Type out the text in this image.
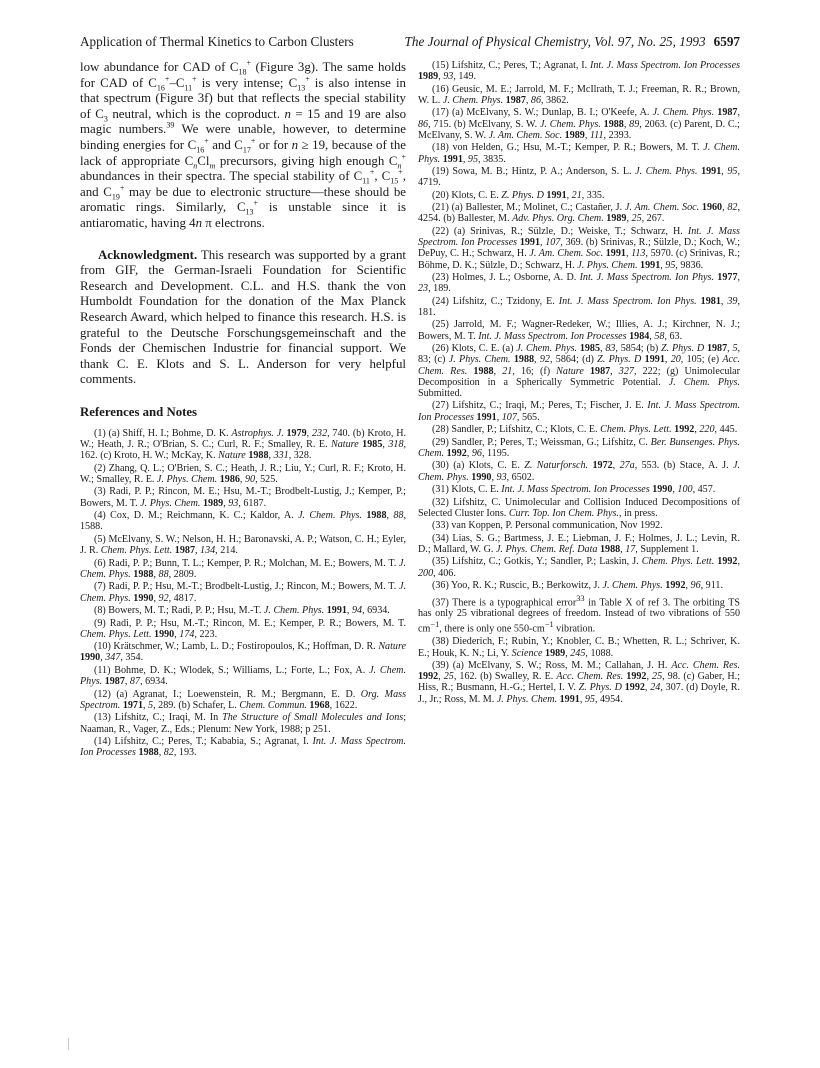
Application of Thermal Kinetics to Carbon Clusters	The Journal of Physical Chemistry, Vol. 97, No. 25, 1993 6597

low abundance for CAD of $C_{18}^+$ (Figure 3g). The same holds for CAD of $C_{16}^+-C_{11}^+$ is very intense; $C_{13}^+$ is also intense in that spectrum (Figure 3f) but that reflects the special stability of $C_3$ neutral, which is the coproduct. n = 15 and 19 are also magic numbers.$^{39}$ We were unable, however, to determine binding energies for $C_{16}^+$ and $C_{17}^+$ or for n ≥ 19, because of the lack of appropriate $C_nCl_m$ precursors, giving high enough $C_n^+$ abundances in their spectra. The special stability of $C_{11}^+$, $C_{15}^+$, and $C_{19}^+$ may be due to electronic structure—these should be aromatic rings. Similarly, $C_{13}^+$ is unstable since it is antiaromatic, having 4n π electrons.

Acknowledgment. This research was supported by a grant from GIF, the German-Israeli Foundation for Scientific Research and Development. C.L. and H.S. thank the von Humboldt Foundation for the donation of the Max Planck Research Award, which helped to finance this research. H.S. is grateful to the Deutsche Forschungsgemeinschaft and the Fonds der Chemischen Industrie for financial support. We thank C. E. Klots and S. L. Anderson for very helpful comments.

References and Notes

(1) (a) Shiff, H. I.; Bohme, D. K. Astrophys. J. 1979, 232, 740. (b) Kroto, H. W.; Heath, J. R.; O'Brian, S. C.; Curl, R. F.; Smalley, R. E. Nature 1985, 318, 162. (c) Kroto, H. W.; McKay, K. Nature 1988, 331, 328.

(2) Zhang, Q. L.; O'Brien, S. C.; Heath, J. R.; Liu, Y.; Curl, R. F.; Kroto, H. W.; Smalley, R. E. J. Phys. Chem. 1986, 90, 525.

(3) Radi, P. P.; Rincon, M. E.; Hsu, M.-T.; Brodbelt-Lustig, J.; Kemper, P.; Bowers, M. T. J. Phys. Chem. 1989, 93, 6187.

(4) Cox, D. M.; Reichmann, K. C.; Kaldor, A. J. Chem. Phys. 1988, 88, 1588.

(5) McElvany, S. W.; Nelson, H. H.; Baronavski, A. P.; Watson, C. H.; Eyler, J. R. Chem. Phys. Lett. 1987, 134, 214.

(6) Radi, P. P.; Bunn, T. L.; Kemper, P. R.; Molchan, M. E.; Bowers, M. T. J. Chem. Phys. 1988, 88, 2809.

(7) Radi, P. P.; Hsu, M.-T.; Brodbelt-Lustig, J.; Rincon, M.; Bowers, M. T. J. Chem. Phys. 1990, 92, 4817.

(8) Bowers, M. T.; Radi, P. P.; Hsu, M.-T. J. Chem. Phys. 1991, 94, 6934.

(9) Radi, P. P.; Hsu, M.-T.; Rincon, M. E.; Kemper, P. R.; Bowers, M. T. Chem. Phys. Lett. 1990, 174, 223.

(10) Krätschmer, W.; Lamb, L. D.; Fostiropoulos, K.; Hoffman, D. R. Nature 1990, 347, 354.

(11) Bohme, D. K.; Wlodek, S.; Williams, L.; Forte, L.; Fox, A. J. Chem. Phys. 1987, 87, 6934.

(12) (a) Agranat, I.; Loewenstein, R. M.; Bergmann, E. D. Org. Mass Spectrom. 1971, 5, 289. (b) Schafer, L. Chem. Commun. 1968, 1622.

(13) Lifshitz, C.; Iraqi, M. In The Structure of Small Molecules and Ions; Naaman, R., Vager, Z., Eds.; Plenum: New York, 1988; p 251.

(14) Lifshitz, C.; Peres, T.; Kababia, S.; Agranat, I. Int. J. Mass Spectrom. Ion Processes 1988, 82, 193.

(15) Lifshitz, C.; Peres, T.; Agranat, I. Int. J. Mass Spectrom. Ion Processes 1989, 93, 149.

(16) Geusic, M. E.; Jarrold, M. F.; McIlrath, T. J.; Freeman, R. R.; Brown, W. L. J. Chem. Phys. 1987, 86, 3862.

(17) (a) McElvany, S. W.; Dunlap, B. I.; O'Keefe, A. J. Chem. Phys. 1987, 86, 715. (b) McElvany, S. W. J. Chem. Phys. 1988, 89, 2063. (c) Parent, D. C.; McElvany, S. W. J. Am. Chem. Soc. 1989, 111, 2393.

(18) von Helden, G.; Hsu, M.-T.; Kemper, P. R.; Bowers, M. T. J. Chem. Phys. 1991, 95, 3835.

(19) Sowa, M. B.; Hintz, P. A.; Anderson, S. L. J. Chem. Phys. 1991, 95, 4719.

(20) Klots, C. E. Z. Phys. D 1991, 21, 335.

(21) (a) Ballester, M.; Molinet, C.; Castañer, J. J. Am. Chem. Soc. 1960, 82, 4254. (b) Ballester, M. Adv. Phys. Org. Chem. 1989, 25, 267.

(22) (a) Srinivas, R.; Sülzle, D.; Weiske, T.; Schwarz, H. Int. J. Mass Spectrom. Ion Processes 1991, 107, 369. (b) Srinivas, R.; Sülzle, D.; Koch, W.; DePuy, C. H.; Schwarz, H. J. Am. Chem. Soc. 1991, 113, 5970. (c) Srinivas, R.; Böhme, D. K.; Sülzle, D.; Schwarz, H. J. Phys. Chem. 1991, 95, 9836.

(23) Holmes, J. L.; Osborne, A. D. Int. J. Mass Spectrom. Ion Phys. 1977, 23, 189.

(24) Lifshitz, C.; Tzidony, E. Int. J. Mass Spectrom. Ion Phys. 1981, 39, 181.

(25) Jarrold, M. F.; Wagner-Redeker, W.; Illies, A. J.; Kirchner, N. J.; Bowers, M. T. Int. J. Mass Spectrom. Ion Processes 1984, 58, 63.

(26) Klots, C. E. (a) J. Chem. Phys. 1985, 83, 5854; (b) Z. Phys. D 1987, 5, 83; (c) J. Phys. Chem. 1988, 92, 5864; (d) Z. Phys. D 1991, 20, 105; (e) Acc. Chem. Res. 1988, 21, 16; (f) Nature 1987, 327, 222; (g) Unimolecular Decomposition in a Spherically Symmetric Potential. J. Chem. Phys. Submitted.

(27) Lifshitz, C.; Iraqi, M.; Peres, T.; Fischer, J. E. Int. J. Mass Spectrom. Ion Processes 1991, 107, 565.

(28) Sandler, P.; Lifshitz, C.; Klots, C. E. Chem. Phys. Lett. 1992, 220, 445.

(29) Sandler, P.; Peres, T.; Weissman, G.; Lifshitz, C. Ber. Bunsenges. Phys. Chem. 1992, 96, 1195.

(30) (a) Klots, C. E. Z. Naturforsch. 1972, 27a, 553. (b) Stace, A. J. J. Chem. Phys. 1990, 93, 6502.

(31) Klots, C. E. Int. J. Mass Spectrom. Ion Processes 1990, 100, 457.

(32) Lifshitz, C. Unimolecular and Collision Induced Decompositions of Selected Cluster Ions. Curr. Top. Ion Chem. Phys., in press.

(33) van Koppen, P. Personal communication, Nov 1992.

(34) Lias, S. G.; Bartmess, J. E.; Liebman, J. F.; Holmes, J. L.; Levin, R. D.; Mallard, W. G. J. Phys. Chem. Ref. Data 1988, 17, Supplement 1.

(35) Lifshitz, C.; Gotkis, Y.; Sandler, P.; Laskin, J. Chem. Phys. Lett. 1992, 200, 406.

(36) Yoo, R. K.; Ruscic, B.; Berkowitz, J. J. Chem. Phys. 1992, 96, 911.

(37) There is a typographical error$^{33}$ in Table X of ref 3. The orbiting TS has only 25 vibrational degrees of freedom. Instead of two vibrations of 550 $cm^{-1}$, there is only one $550-cm^{-1}$ vibration.

(38) Diederich, F.; Rubin, Y.; Knobler, C. B.; Whetten, R. L.; Schriver, K. E.; Houk, K. N.; Li, Y. Science 1989, 245, 1088.

(39) (a) McElvany, S. W.; Ross, M. M.; Callahan, J. H. Acc. Chem. Res. 1992, 25, 162. (b) Swalley, R. E. Acc. Chem. Res. 1992, 25, 98. (c) Gaber, H.; Hiss, R.; Busmann, H.-G.; Hertel, I. V. Z. Phys. D 1992, 24, 307. (d) Doyle, R. J., Jr.; Ross, M. M. J. Phys. Chem. 1991, 95, 4954.
